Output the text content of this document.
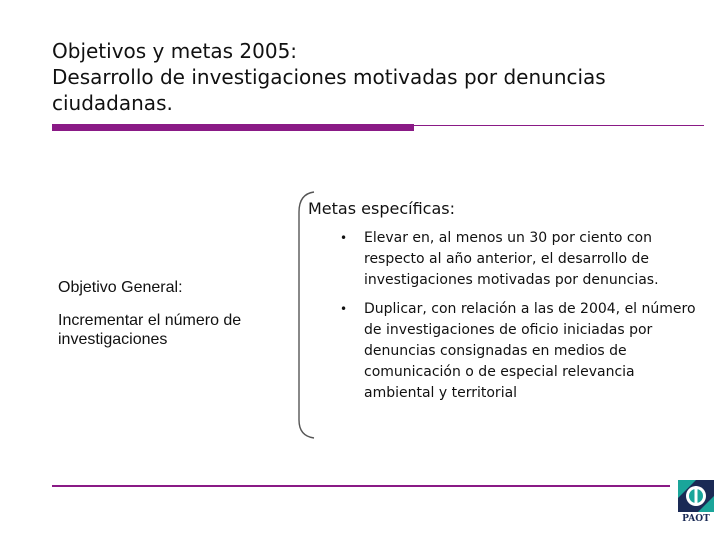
Objetivos y metas 2005:
Desarrollo de investigaciones motivadas por denuncias
ciudadanas.
Objetivo General:
Incrementar el número de investigaciones
Metas específicas:
• Elevar en, al menos un 30 por ciento con respecto al año anterior, el desarrollo de investigaciones motivadas por denuncias.
• Duplicar, con relación a las de 2004, el número de investigaciones de oficio iniciadas por denuncias consignadas en medios de comunicación o de especial relevancia ambiental y territorial
PAOT
